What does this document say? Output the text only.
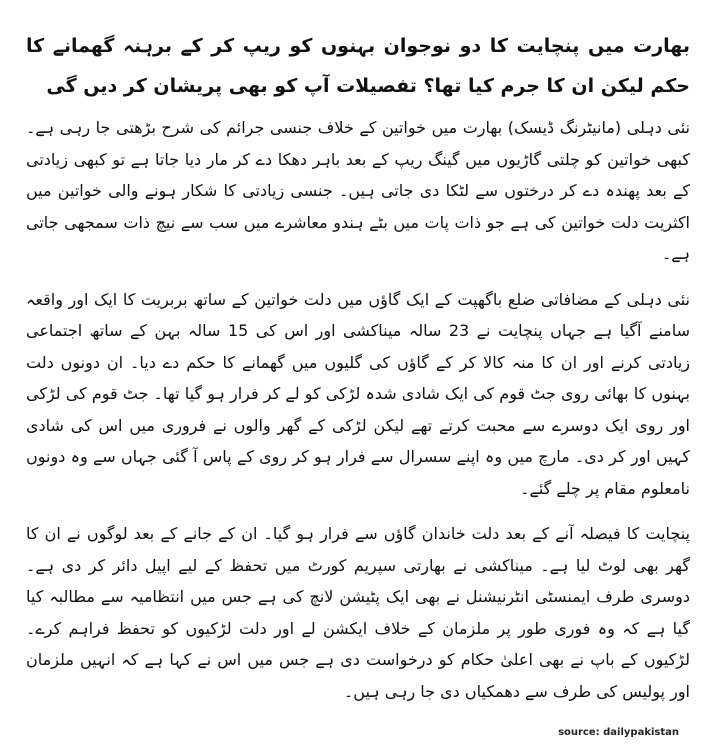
بھارت میں پنچایت کا دو نوجوان بہنوں کو ریپ کر کے برہنہ گھمانے کا حکم لیکن ان کا جرم کیا تھا؟ تفصیلات آپ کو بھی پریشان کر دیں گی

نئی دہلی (مانیٹرنگ ڈیسک) بھارت میں خواتین کے خلاف جنسی جرائم کی شرح بڑھتی جا رہی ہے۔ کبھی خواتین کو چلتی گاڑیوں میں گینگ ریپ کے بعد باہر دھکا دے کر مار دیا جاتا ہے تو کبھی زیادتی کے بعد پھندہ دے کر درختوں سے لٹکا دی جاتی ہیں۔ جنسی زیادتی کا شکار ہونے والی خواتین میں اکثریت دلت خواتین کی ہے جو ذات پات میں بٹے ہندو معاشرے میں سب سے نیچ ذات سمجھی جاتی ہے۔

نئی دہلی کے مضافاتی ضلع باگھپت کے ایک گاؤں میں دلت خواتین کے ساتھ بربریت کا ایک اور واقعہ سامنے آگیا ہے جہاں پنچایت نے 23 سالہ میناکشی اور اس کی 15 سالہ بہن کے ساتھ اجتماعی زیادتی کرنے اور ان کا منہ کالا کر کے گاؤں کی گلیوں میں گھمانے کا حکم دے دیا۔ ان دونوں دلت بہنوں کا بھائی روی جٹ قوم کی ایک شادی شدہ لڑکی کو لے کر فرار ہو گیا تھا۔ جٹ قوم کی لڑکی اور روی ایک دوسرے سے محبت کرتے تھے لیکن لڑکی کے گھر والوں نے فروری میں اس کی شادی کہیں اور کر دی۔ مارچ میں وہ اپنے سسرال سے فرار ہو کر روی کے پاس آ گئی جہاں سے وہ دونوں نامعلوم مقام پر چلے گئے۔

پنچایت کا فیصلہ آنے کے بعد دلت خاندان گاؤں سے فرار ہو گیا۔ ان کے جانے کے بعد لوگوں نے ان کا گھر بھی لوٹ لیا ہے۔ میناکشی نے بھارتی سپریم کورٹ میں تحفظ کے لیے اپیل دائر کر دی ہے۔ دوسری طرف ایمنسٹی انٹرنیشنل نے بھی ایک پٹیشن لانچ کی ہے جس میں انتظامیہ سے مطالبہ کیا گیا ہے کہ وہ فوری طور پر ملزمان کے خلاف ایکشن لے اور دلت لڑکیوں کو تحفظ فراہم کرے۔ لڑکیوں کے باپ نے بھی اعلیٰ حکام کو درخواست دی ہے جس میں اس نے کہا ہے کہ انہیں ملزمان اور پولیس کی طرف سے دھمکیاں دی جا رہی ہیں۔

source: dailypakistan
